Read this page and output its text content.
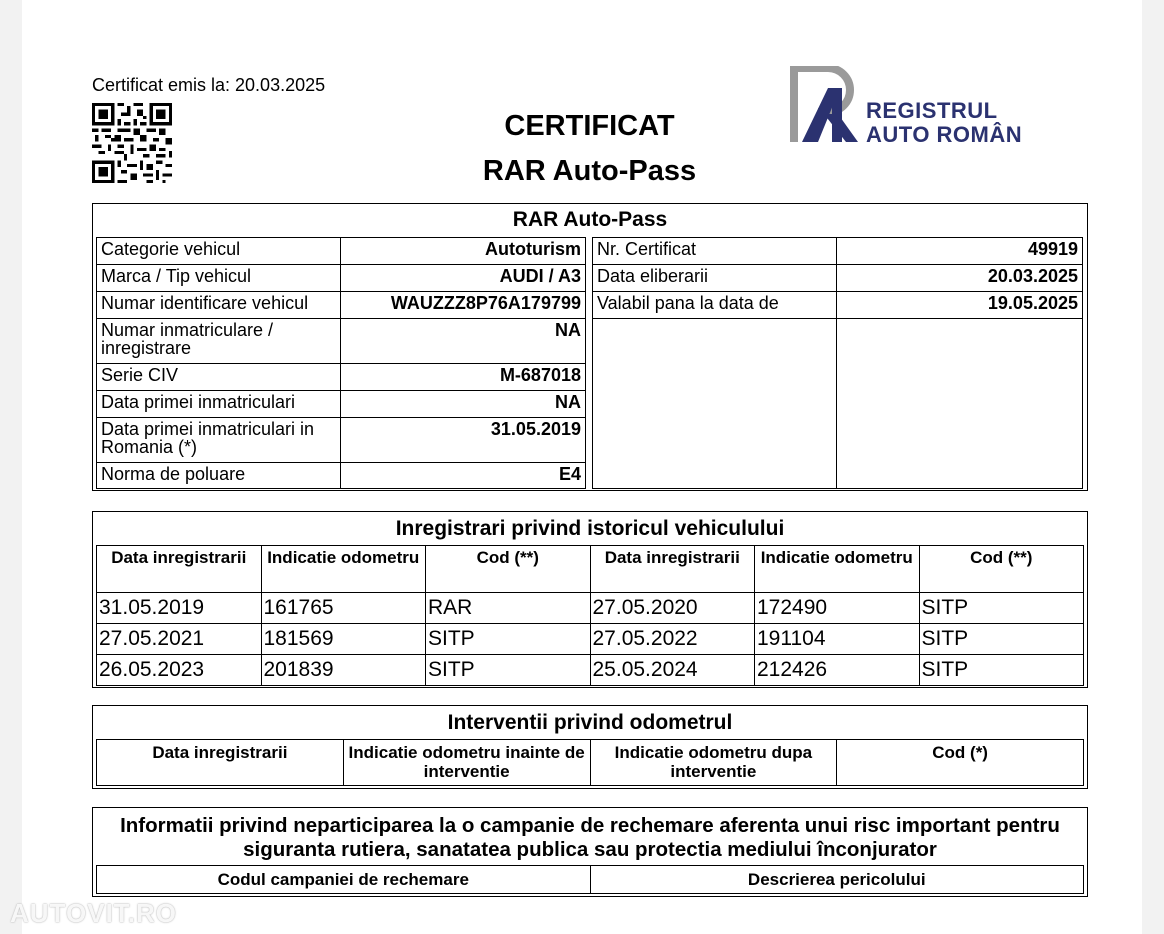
Certificat emis la: 20.03.2025
CERTIFICAT
RAR Auto-Pass
REGISTRUL
AUTO ROMÂN
RAR Auto-Pass
Categorie vehicul	Autoturism
Marca / Tip vehicul	AUDI / A3
Numar identificare vehicul	WAUZZZ8P76A179799
Numar inmatriculare / inregistrare	NA
Serie CIV	M-687018
Data primei inmatriculari	NA
Data primei inmatriculari in Romania (*)	31.05.2019
Norma de poluare	E4
Nr. Certificat	49919
Data eliberarii	20.03.2025
Valabil pana la data de	19.05.2025

Inregistrari privind istoricul vehiculului
Data inregistrarii	Indicatie odometru	Cod (**)	Data inregistrarii	Indicatie odometru	Cod (**)
31.05.2019	161765	RAR	27.05.2020	172490	SITP
27.05.2021	181569	SITP	27.05.2022	191104	SITP
26.05.2023	201839	SITP	25.05.2024	212426	SITP
Interventii privind odometrul
Data inregistrarii	Indicatie odometru inainte de interventie	Indicatie odometru dupa interventie	Cod (*)
Informatii privind neparticiparea la o campanie de rechemare aferenta unui risc important pentru siguranta rutiera, sanatatea publica sau protectia mediului înconjurator
Codul campaniei de rechemare	Descrierea pericolului
AUTOVIT.RO
